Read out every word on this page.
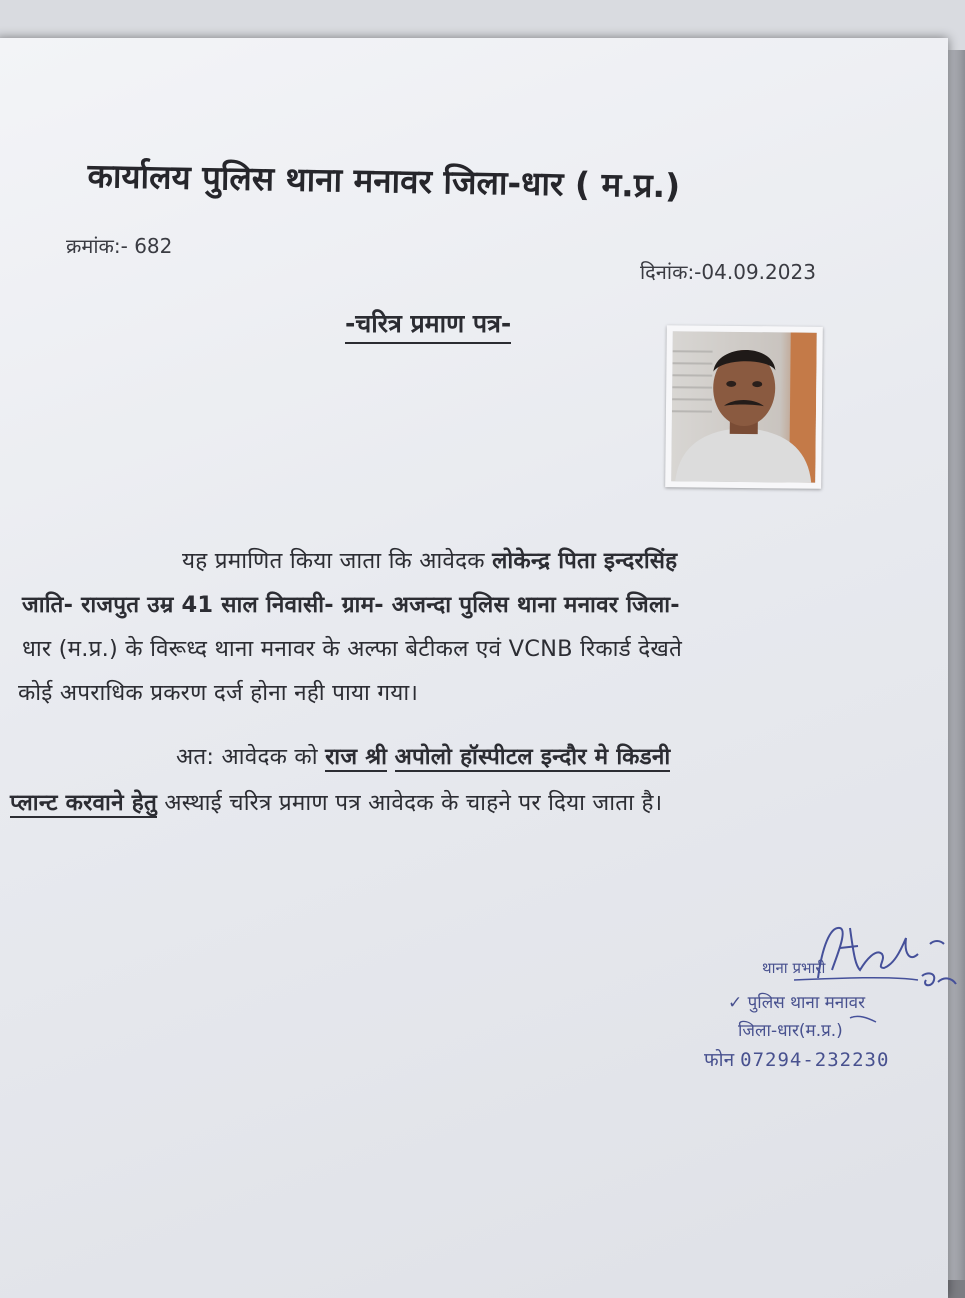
कार्यालय पुलिस थाना मनावर जिला-धार ( म.प्र.)
क्रमांक:- 682
दिनांक:-04.09.2023
-चरित्र प्रमाण पत्र-
यह प्रमाणित किया जाता कि आवेदक लोकेन्द्र पिता इन्दरसिंह
जाति- राजपुत उम्र 41 साल निवासी- ग्राम- अजन्दा पुलिस थाना मनावर जिला-
धार (म.प्र.) के विरूध्द थाना मनावर के अल्फा बेटीकल एवं VCNB रिकार्ड देखते
कोई अपराधिक प्रकरण दर्ज होना नही पाया गया।
अत: आवेदक को राज श्री अपोलो हॉस्पीटल इन्दौर मे किडनी
प्लान्ट करवाने हेतु अस्थाई चरित्र प्रमाण पत्र आवेदक के चाहने पर दिया जाता है।
थाना प्रभारी
✓ पुलिस थाना मनावर
जिला-धार(म.प्र.)
फोन 07294-232230
